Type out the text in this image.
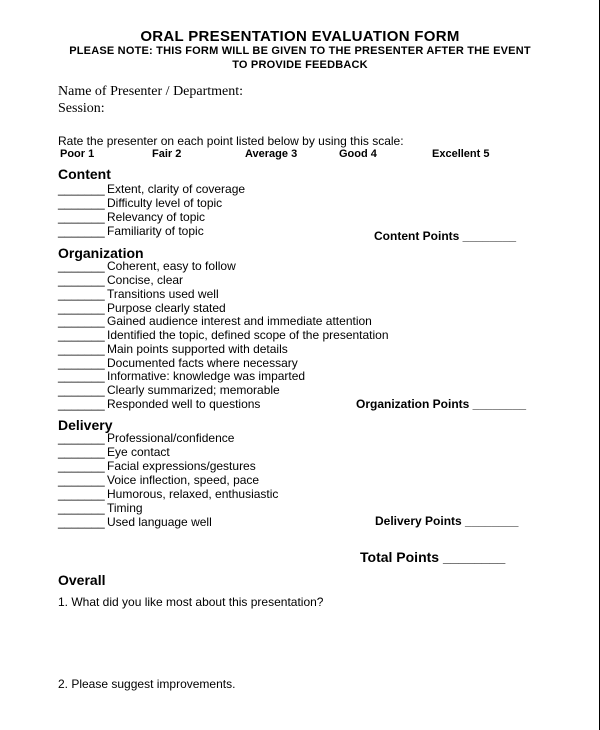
ORAL PRESENTATION EVALUATION FORM
PLEASE NOTE: THIS FORM WILL BE GIVEN TO THE PRESENTER AFTER THE EVENT
TO PROVIDE FEEDBACK
Name of Presenter / Department:
Session:
Rate the presenter on each point listed below by using this scale:
Poor 1	Fair 2	Average 3	Good 4	Excellent 5
Content
_______ Extent, clarity of coverage
_______ Difficulty level of topic
_______ Relevancy of topic
_______ Familiarity of topic	Content Points ________
Organization
_______ Coherent, easy to follow
_______ Concise, clear
_______ Transitions used well
_______ Purpose clearly stated
_______ Gained audience interest and immediate attention
_______ Identified the topic, defined scope of the presentation
_______ Main points supported with details
_______ Documented facts where necessary
_______ Informative: knowledge was imparted
_______ Clearly summarized; memorable
_______ Responded well to questions	Organization Points ________
Delivery
_______ Professional/confidence
_______ Eye contact
_______ Facial expressions/gestures
_______ Voice inflection, speed, pace
_______ Humorous, relaxed, enthusiastic
_______ Timing
_______ Used language well	Delivery Points ________
Total Points ________
Overall
1. What did you like most about this presentation?
2. Please suggest improvements.
